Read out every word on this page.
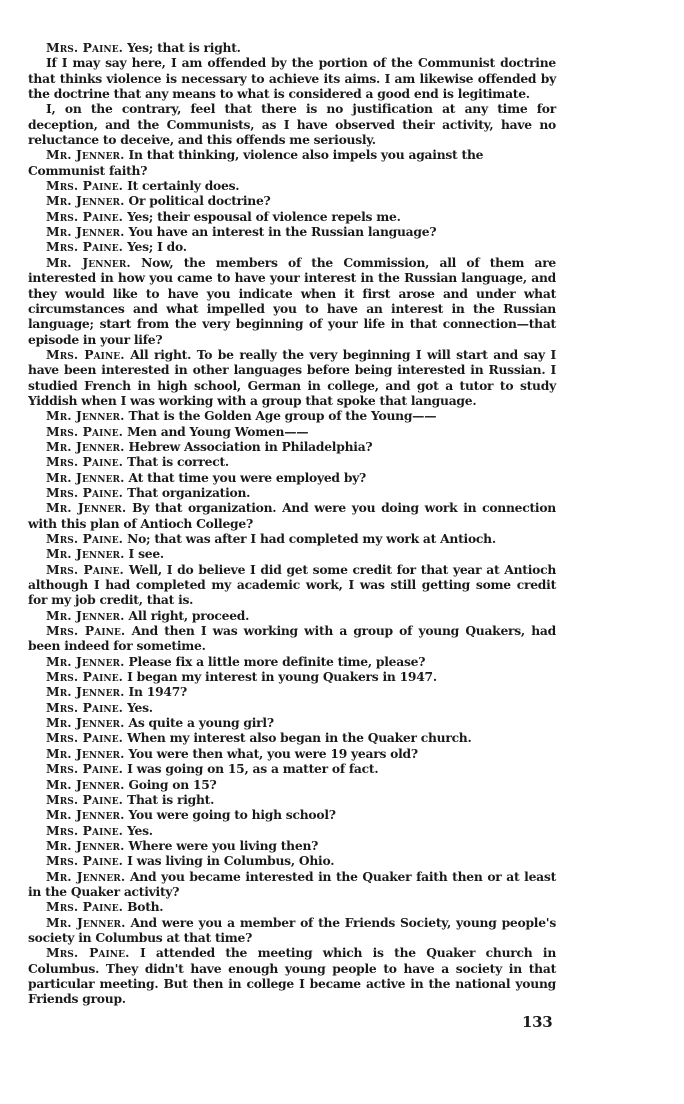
Mrs. Paine. Yes; that is right.

If I may say here, I am offended by the portion of the Communist doctrine that thinks violence is necessary to achieve its aims. I am likewise offended by the doctrine that any means to what is considered a good end is legitimate.

I, on the contrary, feel that there is no justification at any time for deception, and the Communists, as I have observed their activity, have no reluctance to deceive, and this offends me seriously.

Mr. Jenner. In that thinking, violence also impels you against the Communist faith?

Mrs. Paine. It certainly does.

Mr. Jenner. Or political doctrine?

Mrs. Paine. Yes; their espousal of violence repels me.

Mr. Jenner. You have an interest in the Russian language?

Mrs. Paine. Yes; I do.

Mr. Jenner. Now, the members of the Commission, all of them are interested in how you came to have your interest in the Russian language, and they would like to have you indicate when it first arose and under what circumstances and what impelled you to have an interest in the Russian language; start from the very beginning of your life in that connection—that episode in your life?

Mrs. Paine. All right. To be really the very beginning I will start and say I have been interested in other languages before being interested in Russian. I studied French in high school, German in college, and got a tutor to study Yiddish when I was working with a group that spoke that language.

Mr. Jenner. That is the Golden Age group of the Young——

Mrs. Paine. Men and Young Women——

Mr. Jenner. Hebrew Association in Philadelphia?

Mrs. Paine. That is correct.

Mr. Jenner. At that time you were employed by?

Mrs. Paine. That organization.

Mr. Jenner. By that organization. And were you doing work in connection with this plan of Antioch College?

Mrs. Paine. No; that was after I had completed my work at Antioch.

Mr. Jenner. I see.

Mrs. Paine. Well, I do believe I did get some credit for that year at Antioch although I had completed my academic work, I was still getting some credit for my job credit, that is.

Mr. Jenner. All right, proceed.

Mrs. Paine. And then I was working with a group of young Quakers, had been indeed for sometime.

Mr. Jenner. Please fix a little more definite time, please?

Mrs. Paine. I began my interest in young Quakers in 1947.

Mr. Jenner. In 1947?

Mrs. Paine. Yes.

Mr. Jenner. As quite a young girl?

Mrs. Paine. When my interest also began in the Quaker church.

Mr. Jenner. You were then what, you were 19 years old?

Mrs. Paine. I was going on 15, as a matter of fact.

Mr. Jenner. Going on 15?

Mrs. Paine. That is right.

Mr. Jenner. You were going to high school?

Mrs. Paine. Yes.

Mr. Jenner. Where were you living then?

Mrs. Paine. I was living in Columbus, Ohio.

Mr. Jenner. And you became interested in the Quaker faith then or at least in the Quaker activity?

Mrs. Paine. Both.

Mr. Jenner. And were you a member of the Friends Society, young people's society in Columbus at that time?

Mrs. Paine. I attended the meeting which is the Quaker church in Columbus. They didn't have enough young people to have a society in that particular meeting. But then in college I became active in the national young Friends group.

133
